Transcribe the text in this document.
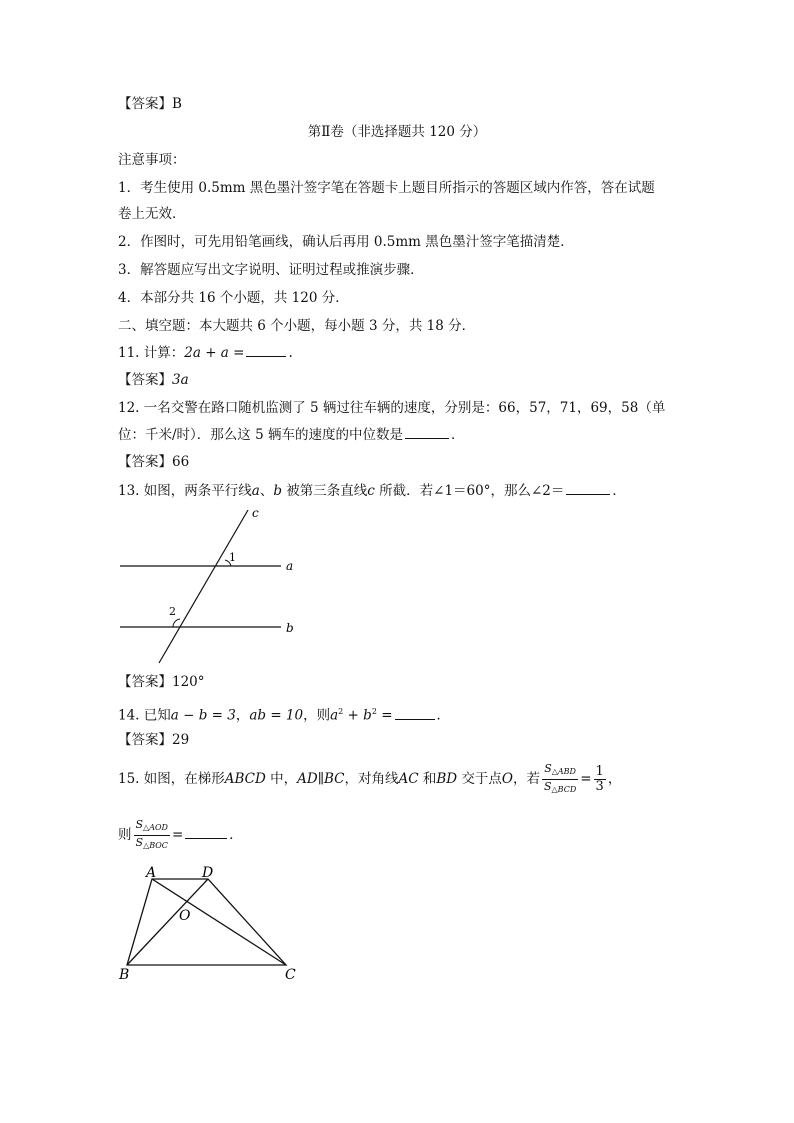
【答案】B
第Ⅱ卷（非选择题共 120 分）
注意事项：
1．考生使用 0.5mm 黑色墨汁签字笔在答题卡上题目所指示的答题区域内作答，答在试题
卷上无效．
2．作图时，可先用铅笔画线，确认后再用 0.5mm 黑色墨汁签字笔描清楚．
3．解答题应写出文字说明、证明过程或推演步骤．
4．本部分共 16 个小题，共 120 分．
二、填空题：本大题共 6 个小题，每小题 3 分，共 18 分．
11. 计算：2a + a =	.
【答案】3a
12. 一名交警在路口随机监测了 5 辆过往车辆的速度，分别是：66，57，71，69，58（单
位：千米/时）．那么这 5 辆车的速度的中位数是	．
【答案】66
13. 如图，两条平行线a、b 被第三条直线c 所截．若∠1＝60°，那么∠2＝	．
c
a
b
1
2
【答案】120°
14. 已知a − b = 3，ab = 10，则$a^2 + b^2$ =	．
【答案】29
15. 如图，在梯形ABCD 中，AD∥BC，对角线AC 和BD 交于点O，若 $\frac{S_{\triangle ABD}}{S_{\triangle BCD}} = \frac{1}{3}$ ，
则 $\frac{S_{\triangle AOD}}{S_{\triangle BOC}}$ =	．
A	D
O
B	C
